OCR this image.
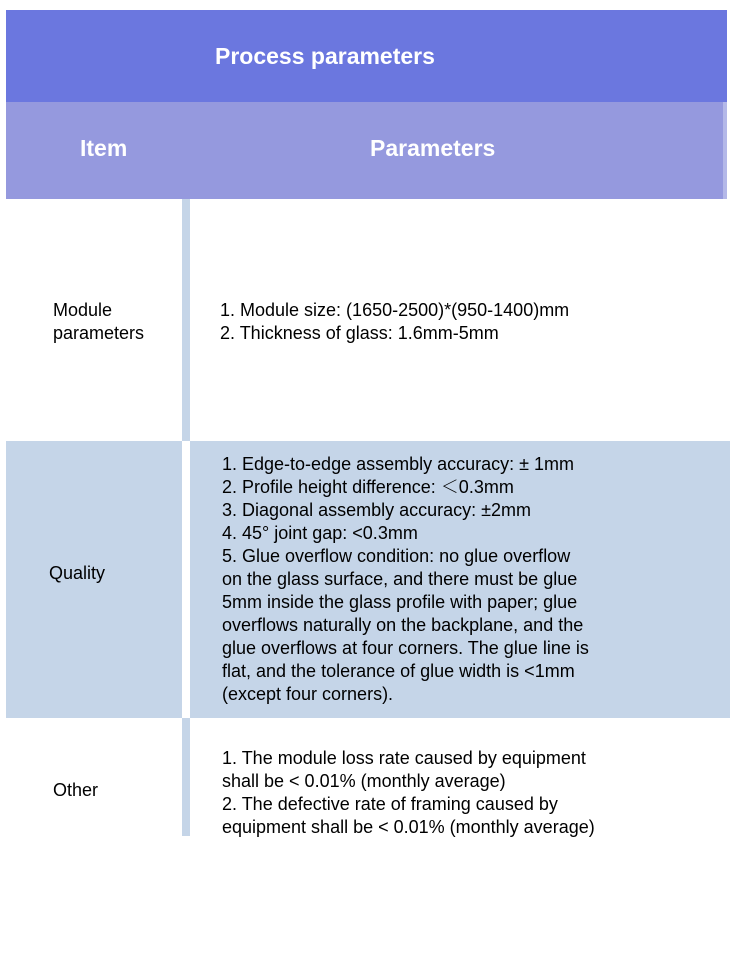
Process parameters
Item	Parameters
Module
parameters
1. Module size: (1650-2500)*(950-1400)mm
2. Thickness of glass: 1.6mm-5mm
Quality
1. Edge-to-edge assembly accuracy: ± 1mm
2. Profile height difference: ＜0.3mm
3. Diagonal assembly accuracy: ±2mm
4. 45° joint gap: <0.3mm
5. Glue overflow condition: no glue overflow
on the glass surface, and there must be glue
5mm inside the glass profile with paper; glue
overflows naturally on the backplane, and the
glue overflows at four corners. The glue line is
flat, and the tolerance of glue width is <1mm
(except four corners).
Other
1. The module loss rate caused by equipment
shall be < 0.01% (monthly average)
2. The defective rate of framing caused by
equipment shall be < 0.01% (monthly average)
